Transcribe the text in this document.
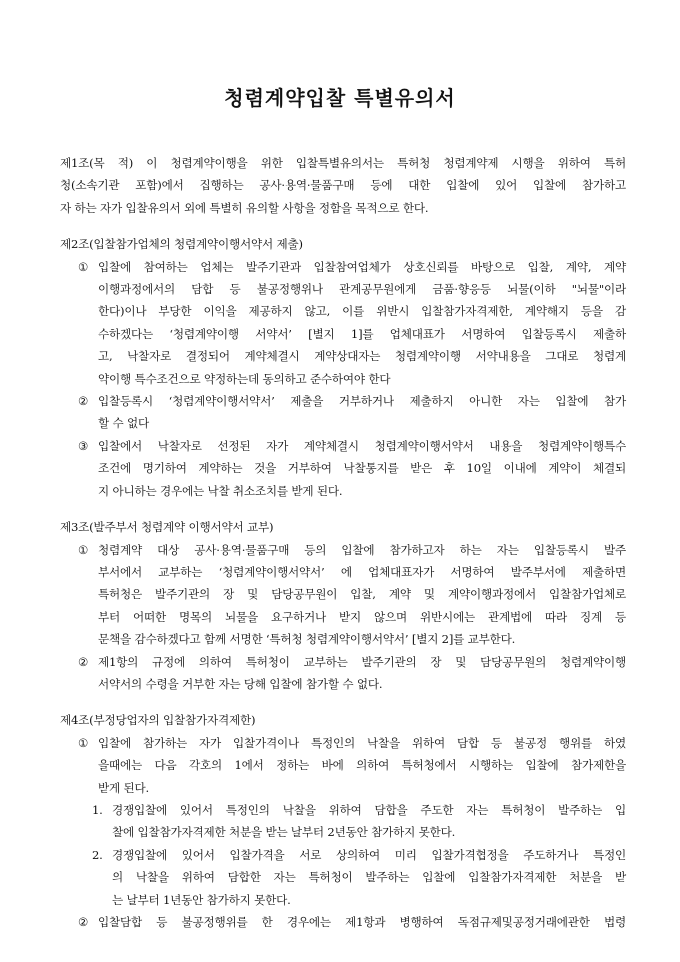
청렴계약입찰 특별유의서
제1조(목 적) 이 청렴계약이행을 위한 입찰특별유의서는 특허청 청렴계약제 시행을 위하여 특허
청(소속기관 포함)에서 집행하는 공사·용역·물품구매 등에 대한 입찰에 있어 입찰에 참가하고
자 하는 자가 입찰유의서 외에 특별히 유의할 사항을 정함을 목적으로 한다.
제2조(입찰참가업체의 청렴계약이행서약서 제출)
① 입찰에 참여하는 업체는 발주기관과 입찰참여업체가 상호신뢰를 바탕으로 입찰, 계약, 계약
이행과정에서의 담합 등 불공정행위나 관계공무원에게 금품·향응등 뇌물(이하 "뇌물"이라
한다)이나 부당한 이익을 제공하지 않고, 이를 위반시 입찰참가자격제한, 계약해지 등을 감
수하겠다는 ‘청렴계약이행 서약서’ [별지 1]를 업체대표가 서명하여 입찰등록시 제출하
고, 낙찰자로 결정되어 계약체결시 계약상대자는 청렴계약이행 서약내용을 그대로 청렴계
약이행 특수조건으로 약정하는데 동의하고 준수하여야 한다
② 입찰등록시 ‘청렴계약이행서약서’ 제출을 거부하거나 제출하지 아니한 자는 입찰에 참가
할 수 없다
③ 입찰에서 낙찰자로 선정된 자가 계약체결시 청렴계약이행서약서 내용을 청렴계약이행특수
조건에 명기하여 계약하는 것을 거부하여 낙찰통지를 받은 후 10일 이내에 계약이 체결되
지 아니하는 경우에는 낙찰 취소조치를 받게 된다.
제3조(발주부서 청렴계약 이행서약서 교부)
① 청렴계약 대상 공사·용역·물품구매 등의 입찰에 참가하고자 하는 자는 입찰등록시 발주
부서에서 교부하는 ‘청렴계약이행서약서’ 에 업체대표자가 서명하여 발주부서에 제출하면
특허청은 발주기관의 장 및 담당공무원이 입찰, 계약 및 계약이행과정에서 입찰참가업체로
부터 어떠한 명목의 뇌물을 요구하거나 받지 않으며 위반시에는 관계법에 따라 징계 등
문책을 감수하겠다고 함께 서명한 ‘특허청 청렴계약이행서약서’ [별지 2]를 교부한다.
② 제1항의 규정에 의하여 특허청이 교부하는 발주기관의 장 및 담당공무원의 청렴계약이행
서약서의 수령을 거부한 자는 당해 입찰에 참가할 수 없다.
제4조(부정당업자의 입찰참가자격제한)
① 입찰에 참가하는 자가 입찰가격이나 특정인의 낙찰을 위하여 담합 등 불공정 행위를 하였
을때에는 다음 각호의 1에서 정하는 바에 의하여 특허청에서 시행하는 입찰에 참가제한을
받게 된다.
1. 경쟁입찰에 있어서 특정인의 낙찰을 위하여 담합을 주도한 자는 특허청이 발주하는 입
찰에 입찰참가자격제한 처분을 받는 날부터 2년동안 참가하지 못한다.
2. 경쟁입찰에 있어서 입찰가격을 서로 상의하여 미리 입찰가격협정을 주도하거나 특정인
의 낙찰을 위하여 담합한 자는 특허청이 발주하는 입찰에 입찰참가자격제한 처분을 받
는 날부터 1년동안 참가하지 못한다.
② 입찰담합 등 불공정행위를 한 경우에는 제1항과 병행하여 독점규제및공정거래에관한 법령
